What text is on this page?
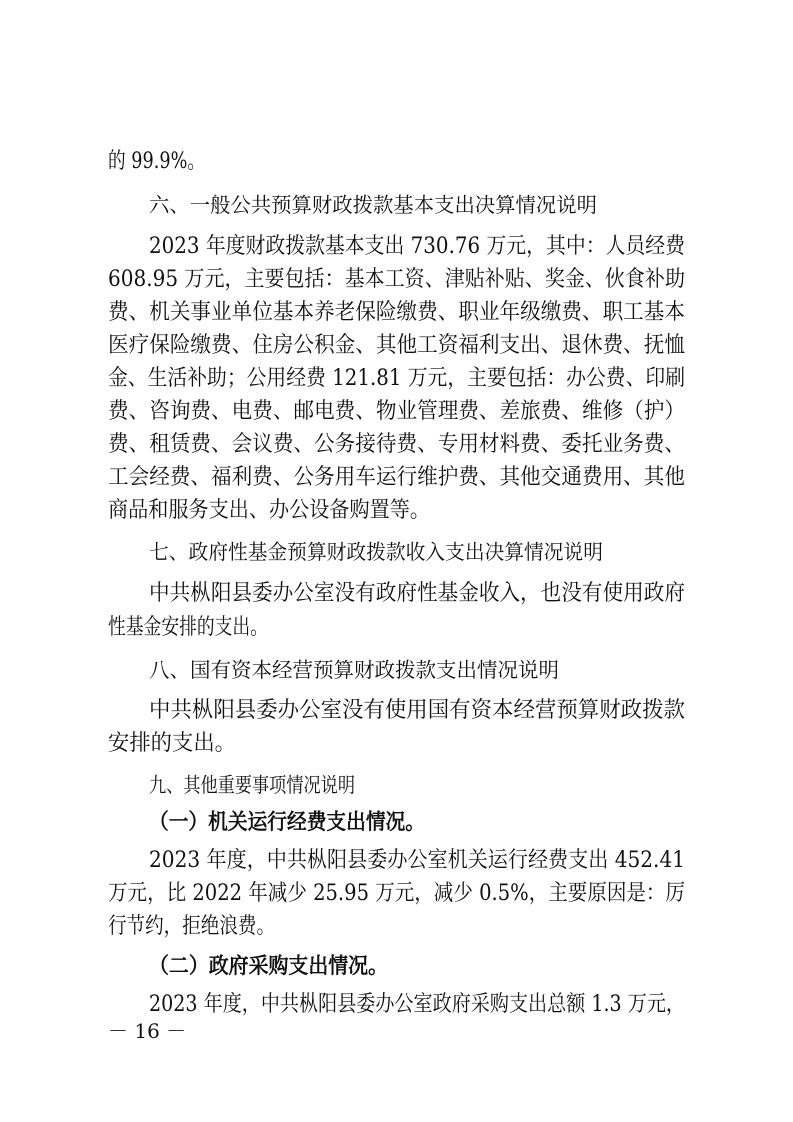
的 99.9%。
六、一般公共预算财政拨款基本支出决算情况说明
2023 年度财政拨款基本支出 730.76 万元，其中：人员经费
608.95 万元，主要包括：基本工资、津贴补贴、奖金、伙食补助
费、机关事业单位基本养老保险缴费、职业年级缴费、职工基本
医疗保险缴费、住房公积金、其他工资福利支出、退休费、抚恤
金、生活补助；公用经费 121.81 万元，主要包括：办公费、印刷
费、咨询费、电费、邮电费、物业管理费、差旅费、维修（护）
费、租赁费、会议费、公务接待费、专用材料费、委托业务费、
工会经费、福利费、公务用车运行维护费、其他交通费用、其他
商品和服务支出、办公设备购置等。
七、政府性基金预算财政拨款收入支出决算情况说明
中共枞阳县委办公室没有政府性基金收入，也没有使用政府
性基金安排的支出。
八、国有资本经营预算财政拨款支出情况说明
中共枞阳县委办公室没有使用国有资本经营预算财政拨款
安排的支出。
九、其他重要事项情况说明
（一）机关运行经费支出情况。
2023 年度，中共枞阳县委办公室机关运行经费支出 452.41
万元，比 2022 年减少 25.95 万元，减少 0.5%，主要原因是：厉
行节约，拒绝浪费。
（二）政府采购支出情况。
2023 年度，中共枞阳县委办公室政府采购支出总额 1.3 万元，
－ 16 －
